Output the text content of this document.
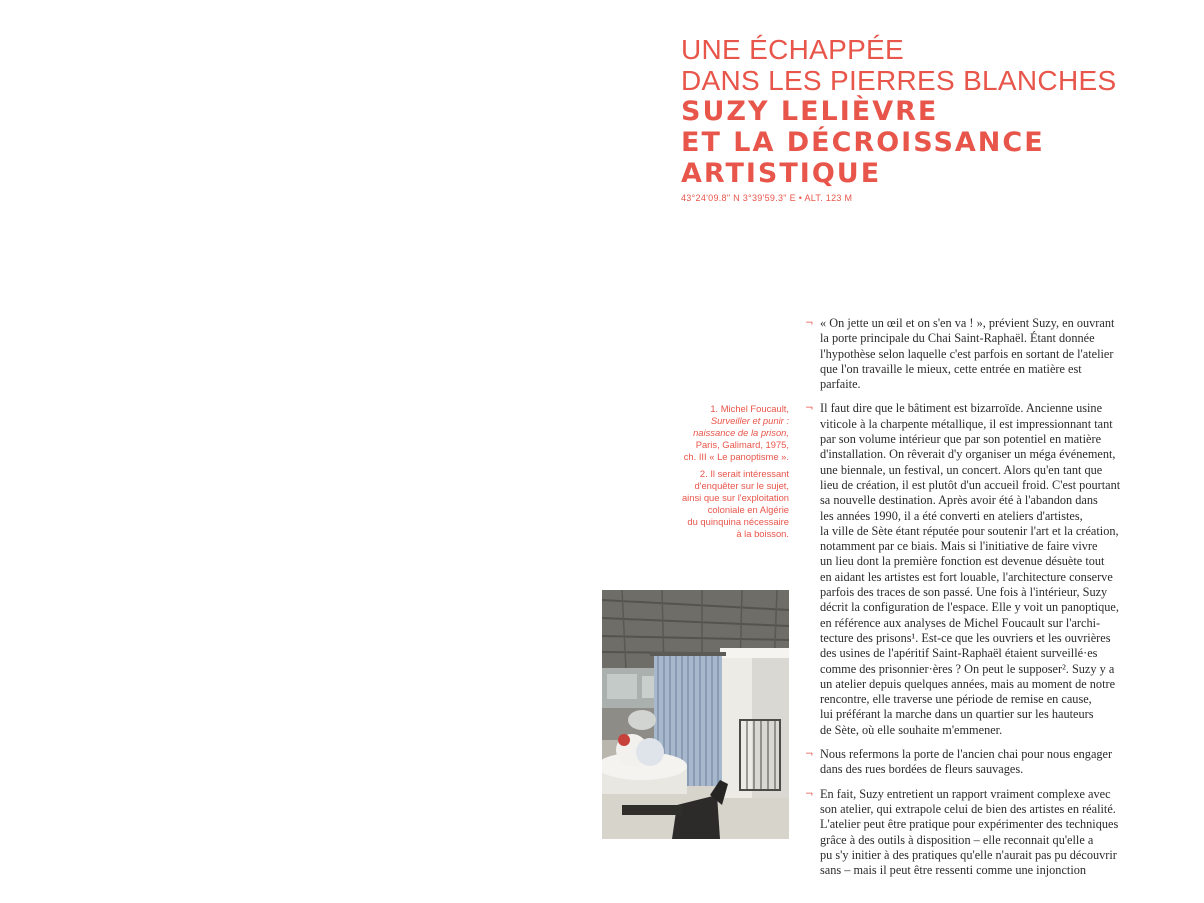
UNE ÉCHAPPÉE
DANS LES PIERRES BLANCHES
SUZY LELIÈVRE
ET LA DÉCROISSANCE
ARTISTIQUE
43°24'09.8" N 3°39'59.3" E • ALT. 123 M
1. Michel Foucault,
Surveiller et punir :
naissance de la prison,
Paris, Galimard, 1975,
ch. III « Le panoptisme ».
2. Il serait intéressant
d'enquêter sur le sujet,
ainsi que sur l'exploitation
coloniale en Algérie
du quinquina nécessaire
à la boisson.
¬ « On jette un œil et on s'en va ! », prévient Suzy, en ouvrant
la porte principale du Chai Saint-Raphaël. Étant donnée
l'hypothèse selon laquelle c'est parfois en sortant de l'atelier
que l'on travaille le mieux, cette entrée en matière est
parfaite.
¬ Il faut dire que le bâtiment est bizarroïde. Ancienne usine
viticole à la charpente métallique, il est impressionnant tant
par son volume intérieur que par son potentiel en matière
d'installation. On rêverait d'y organiser un méga événement,
une biennale, un festival, un concert. Alors qu'en tant que
lieu de création, il est plutôt d'un accueil froid. C'est pourtant
sa nouvelle destination. Après avoir été à l'abandon dans
les années 1990, il a été converti en ateliers d'artistes,
la ville de Sète étant réputée pour soutenir l'art et la création,
notamment par ce biais. Mais si l'initiative de faire vivre
un lieu dont la première fonction est devenue désuète tout
en aidant les artistes est fort louable, l'architecture conserve
parfois des traces de son passé. Une fois à l'intérieur, Suzy
décrit la configuration de l'espace. Elle y voit un panoptique,
en référence aux analyses de Michel Foucault sur l'archi-
tecture des prisons¹. Est-ce que les ouvriers et les ouvrières
des usines de l'apéritif Saint-Raphaël étaient surveillé·es
comme des prisonnier·ères ? On peut le supposer². Suzy y a
un atelier depuis quelques années, mais au moment de notre
rencontre, elle traverse une période de remise en cause,
lui préférant la marche dans un quartier sur les hauteurs
de Sète, où elle souhaite m'emmener.
¬ Nous refermons la porte de l'ancien chai pour nous engager
dans des rues bordées de fleurs sauvages.
¬ En fait, Suzy entretient un rapport vraiment complexe avec
son atelier, qui extrapole celui de bien des artistes en réalité.
L'atelier peut être pratique pour expérimenter des techniques
grâce à des outils à disposition – elle reconnait qu'elle a
pu s'y initier à des pratiques qu'elle n'aurait pas pu découvrir
sans – mais il peut être ressenti comme une injonction
